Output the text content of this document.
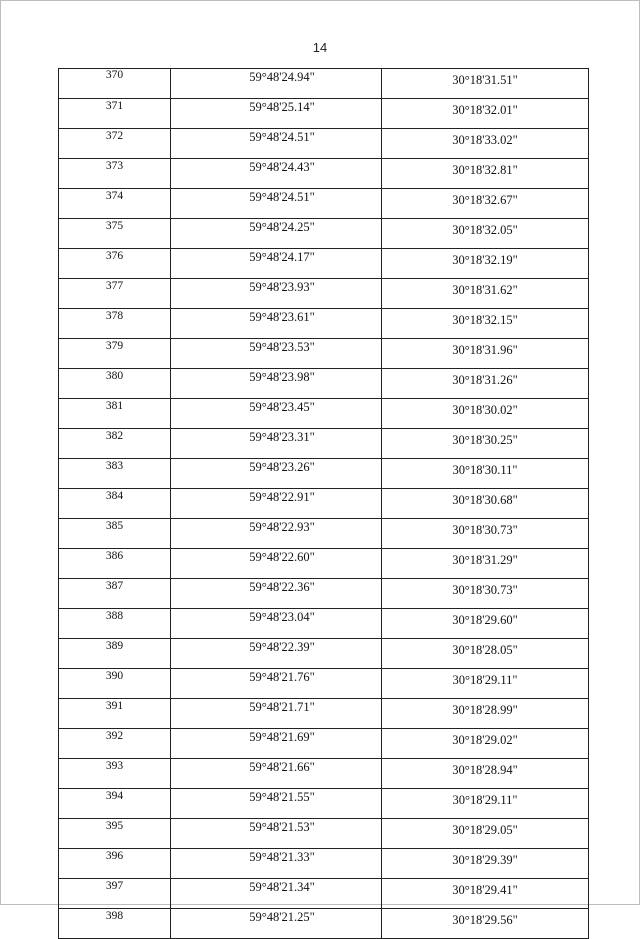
14
370	59°48'24.94"	30°18'31.51"
371	59°48'25.14"	30°18'32.01"
372	59°48'24.51"	30°18'33.02"
373	59°48'24.43"	30°18'32.81"
374	59°48'24.51"	30°18'32.67"
375	59°48'24.25"	30°18'32.05"
376	59°48'24.17"	30°18'32.19"
377	59°48'23.93"	30°18'31.62"
378	59°48'23.61"	30°18'32.15"
379	59°48'23.53"	30°18'31.96"
380	59°48'23.98"	30°18'31.26"
381	59°48'23.45"	30°18'30.02"
382	59°48'23.31"	30°18'30.25"
383	59°48'23.26"	30°18'30.11"
384	59°48'22.91"	30°18'30.68"
385	59°48'22.93"	30°18'30.73"
386	59°48'22.60"	30°18'31.29"
387	59°48'22.36"	30°18'30.73"
388	59°48'23.04"	30°18'29.60"
389	59°48'22.39"	30°18'28.05"
390	59°48'21.76"	30°18'29.11"
391	59°48'21.71"	30°18'28.99"
392	59°48'21.69"	30°18'29.02"
393	59°48'21.66"	30°18'28.94"
394	59°48'21.55"	30°18'29.11"
395	59°48'21.53"	30°18'29.05"
396	59°48'21.33"	30°18'29.39"
397	59°48'21.34"	30°18'29.41"
398	59°48'21.25"	30°18'29.56"
